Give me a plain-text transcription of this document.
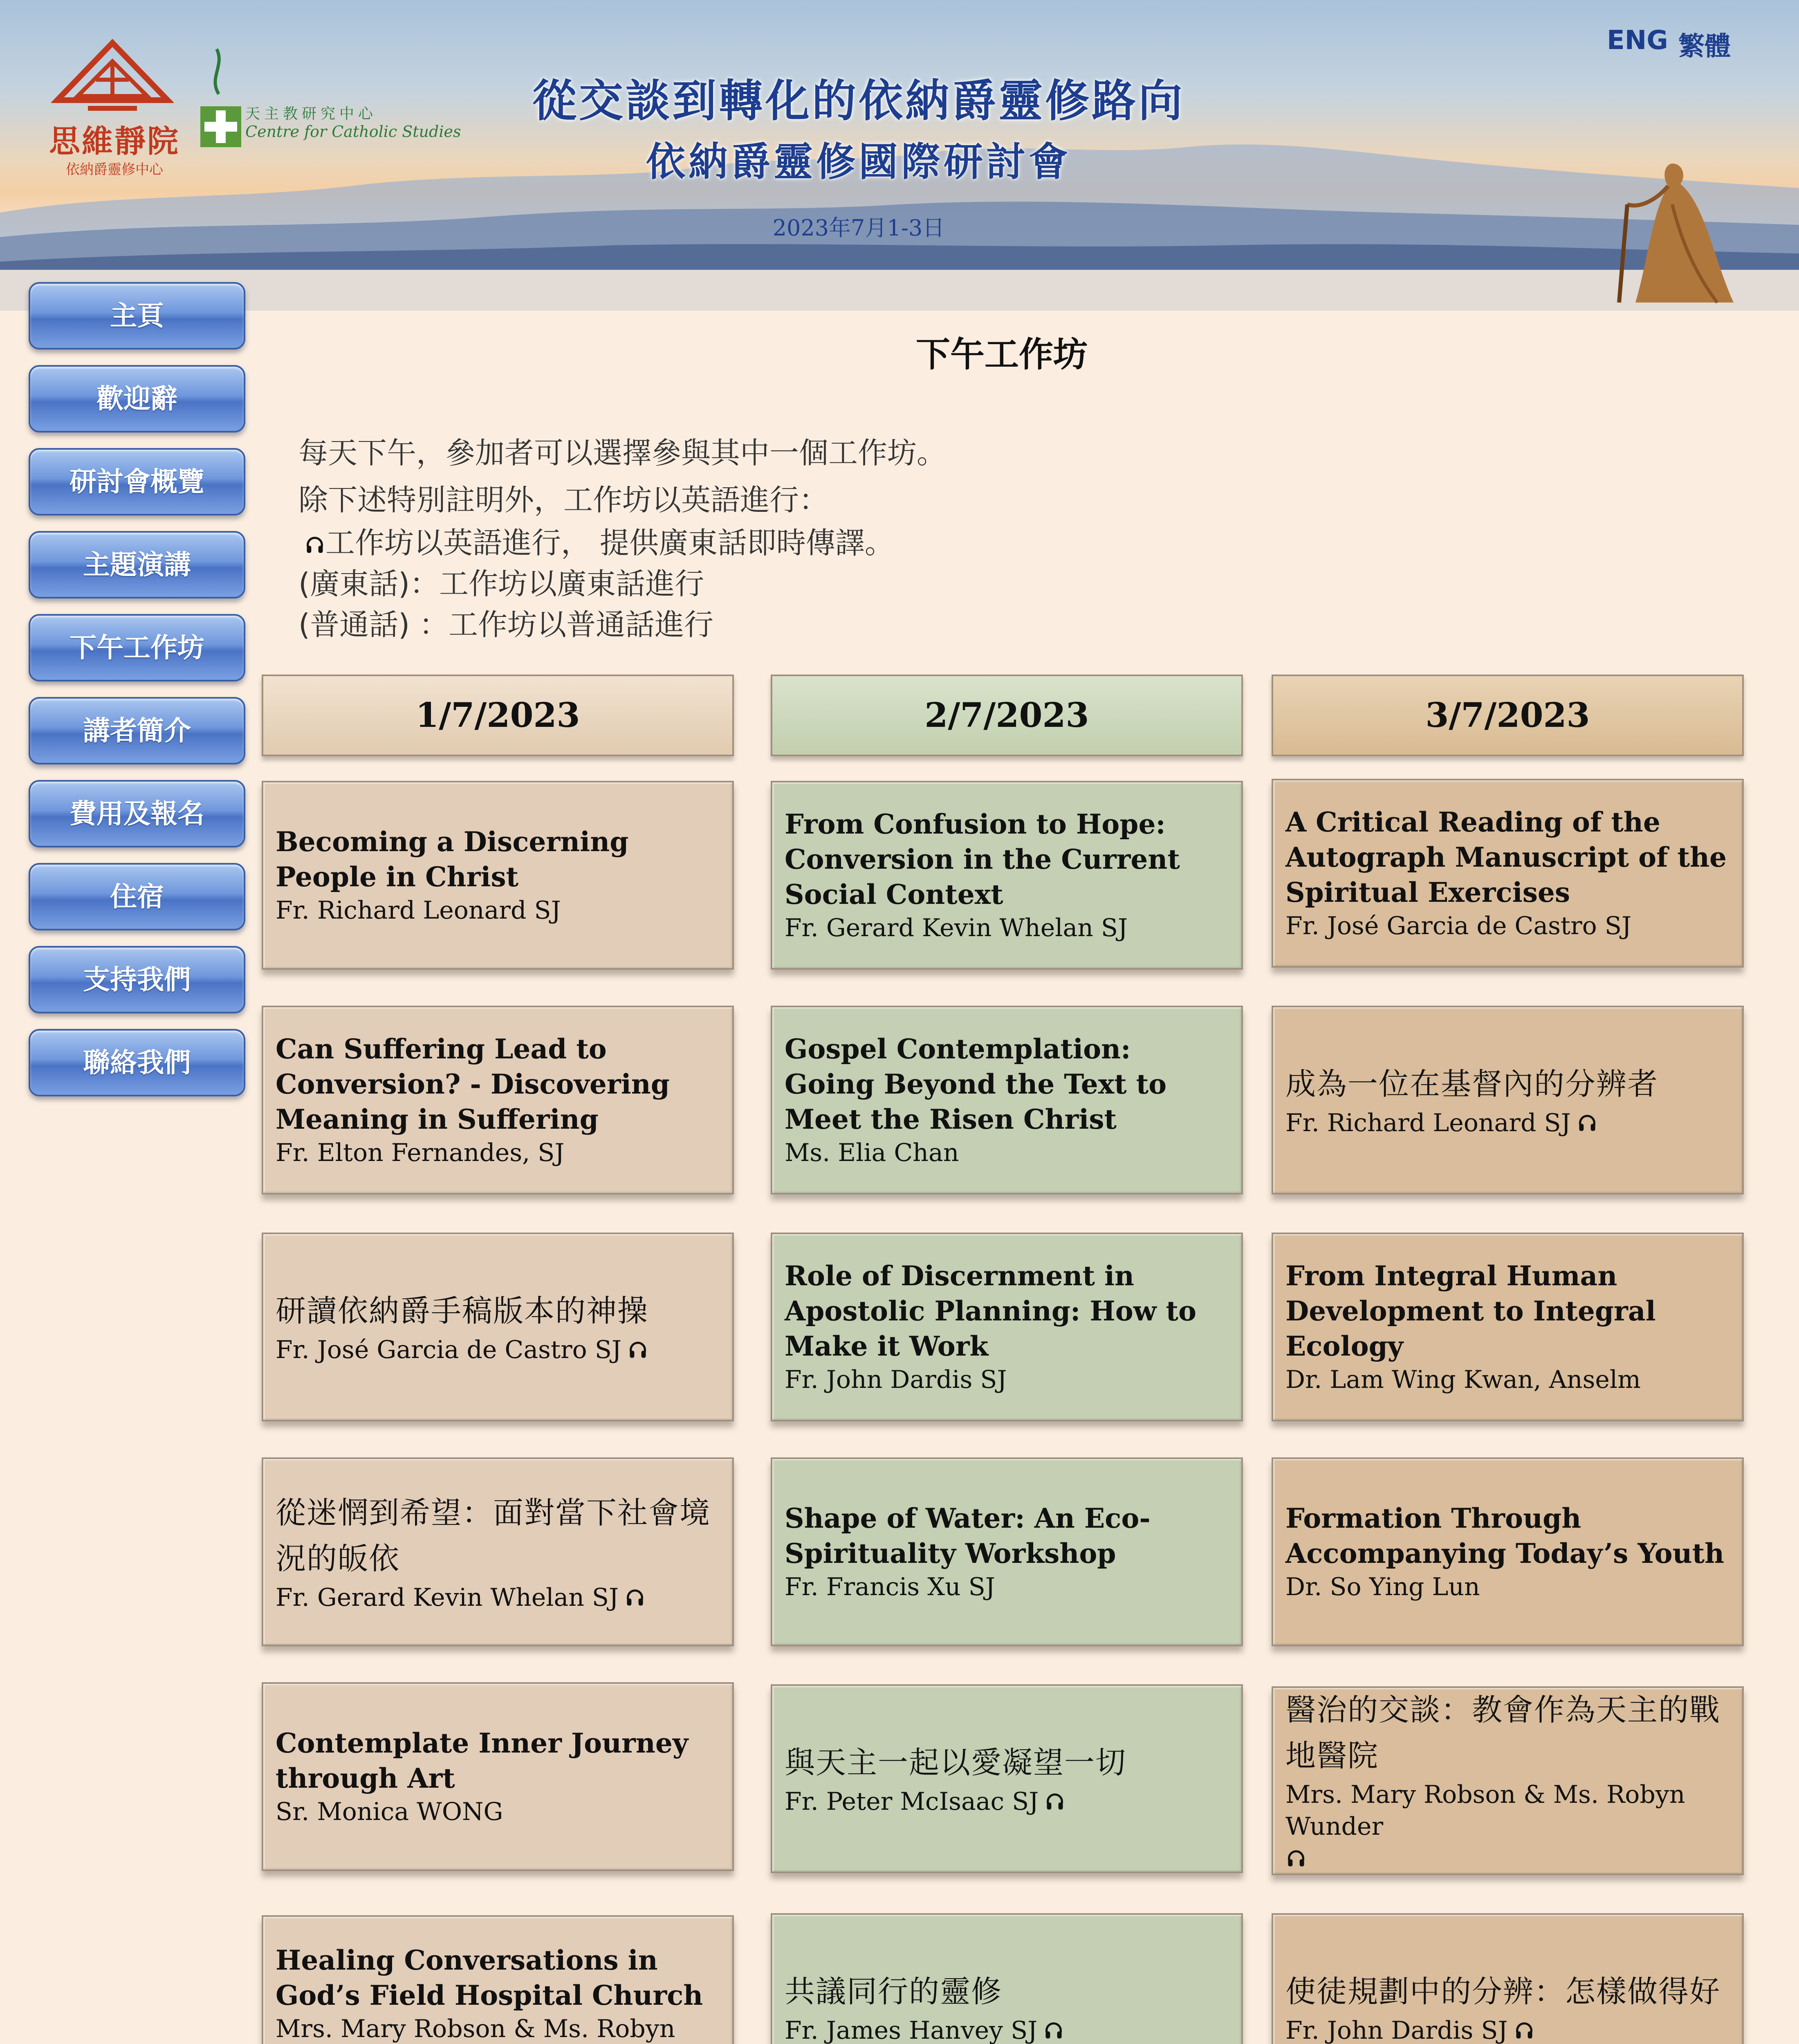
思維靜院
依納爵靈修中心
天主教研究中心
Centre for Catholic Studies
從交談到轉化的依納爵靈修路向
依納爵靈修國際研討會
2023年7月1-3日
ENG 繁體
主頁
歡迎辭
研討會概覽
主題演講
下午工作坊
講者簡介
費用及報名
住宿
支持我們
聯絡我們
下午工作坊
每天下午，參加者可以選擇參與其中一個工作坊。
除下述特別註明外，工作坊以英語進行：
工作坊以英語進行， 提供廣東話即時傳譯。
(廣東話)：工作坊以廣東話進行
(普通話) ：工作坊以普通話進行
1/7/2023	2/7/2023	3/7/2023
Becoming a Discerning People in Christ
Fr. Richard Leonard SJ
Can Suffering Lead to Conversion? - Discovering Meaning in Suffering
Fr. Elton Fernandes, SJ
研讀依納爵手稿版本的神操
Fr. José Garcia de Castro SJ
從迷惘到希望：面對當下社會境況的皈依
Fr. Gerard Kevin Whelan SJ
Contemplate Inner Journey through Art
Sr. Monica WONG
Healing Conversations in God’s Field Hospital Church
Mrs. Mary Robson & Ms. Robyn
From Confusion to Hope: Conversion in the Current Social Context
Fr. Gerard Kevin Whelan SJ
Gospel Contemplation: Going Beyond the Text to Meet the Risen Christ
Ms. Elia Chan
Role of Discernment in Apostolic Planning: How to Make it Work
Fr. John Dardis SJ
Shape of Water: An Eco-Spirituality Workshop
Fr. Francis Xu SJ
與天主一起以愛凝望一切
Fr. Peter McIsaac SJ
共議同行的靈修
Fr. James Hanvey SJ
A Critical Reading of the Autograph Manuscript of the Spiritual Exercises
Fr. José Garcia de Castro SJ
成為一位在基督內的分辨者
Fr. Richard Leonard SJ
From Integral Human Development to Integral Ecology
Dr. Lam Wing Kwan, Anselm
Formation Through Accompanying Today’s Youth
Dr. So Ying Lun
醫治的交談：教會作為天主的戰地醫院
Mrs. Mary Robson & Ms. Robyn Wunder
使徒規劃中的分辨：怎樣做得好
Fr. John Dardis SJ
